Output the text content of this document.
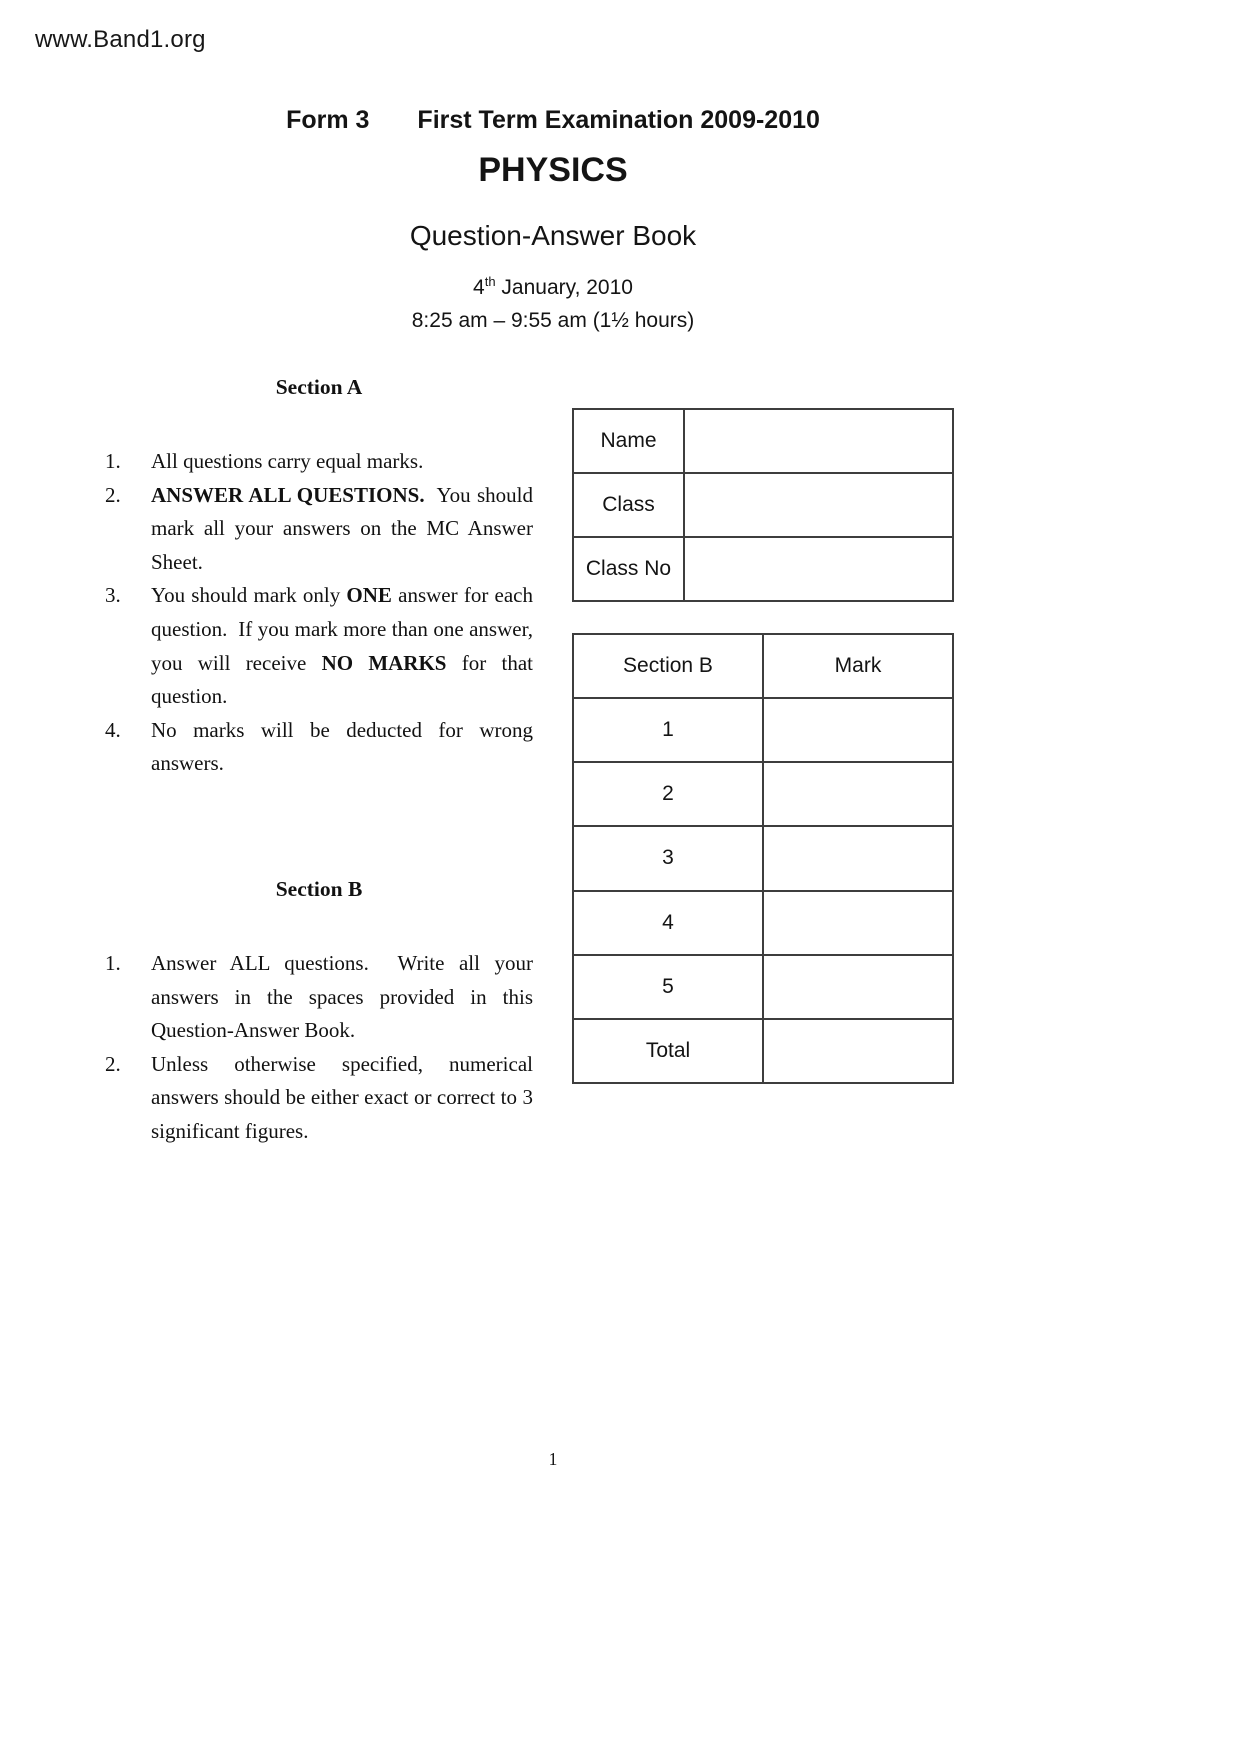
www.Band1.org
Form 3 First Term Examination 2009-2010
PHYSICS
Question-Answer Book
4th January, 2010
8:25 am – 9:55 am (1½ hours)
Section A
1.	All questions carry equal marks.
2.	ANSWER ALL QUESTIONS.  You should mark all your answers on the MC Answer Sheet.
3.	You should mark only ONE answer for each question.  If you mark more than one answer, you will receive NO MARKS for that question.
4.	No marks will be deducted for wrong answers.
Section B
1.	Answer ALL questions.  Write all your answers in the spaces provided in this Question-Answer Book.
2.	Unless otherwise specified, numerical answers should be either exact or correct to 3 significant figures.
Name	
Class	
Class No	
Section B	Mark
1	
2	
3	
4	
5	
Total	
1
